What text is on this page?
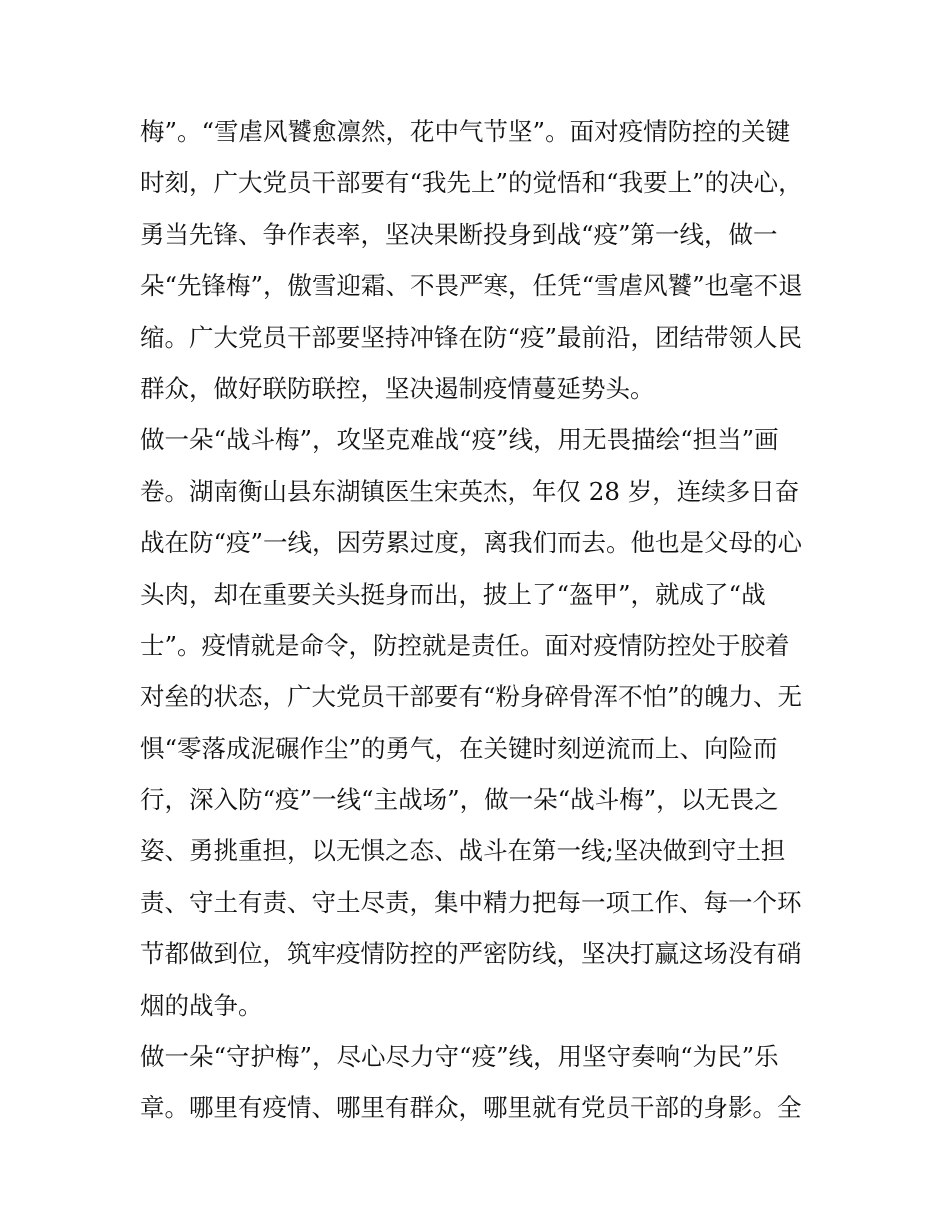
梅”。“雪虐风饕愈凛然，花中气节坚”。面对疫情防控的关键
时刻，广大党员干部要有“我先上”的觉悟和“我要上”的决心，
勇当先锋、争作表率，坚决果断投身到战“疫”第一线，做一
朵“先锋梅”，傲雪迎霜、不畏严寒，任凭“雪虐风饕”也毫不退
缩。广大党员干部要坚持冲锋在防“疫”最前沿，团结带领人民
群众，做好联防联控，坚决遏制疫情蔓延势头。
做一朵“战斗梅”，攻坚克难战“疫”线，用无畏描绘“担当”画
卷。湖南衡山县东湖镇医生宋英杰，年仅 28 岁，连续多日奋
战在防“疫”一线，因劳累过度，离我们而去。他也是父母的心
头肉，却在重要关头挺身而出，披上了“盔甲”，就成了“战
士”。疫情就是命令，防控就是责任。面对疫情防控处于胶着
对垒的状态，广大党员干部要有“粉身碎骨浑不怕”的魄力、无
惧“零落成泥碾作尘”的勇气，在关键时刻逆流而上、向险而
行，深入防“疫”一线“主战场”，做一朵“战斗梅”，以无畏之
姿、勇挑重担，以无惧之态、战斗在第一线;坚决做到守土担
责、守土有责、守土尽责，集中精力把每一项工作、每一个环
节都做到位，筑牢疫情防控的严密防线，坚决打赢这场没有硝
烟的战争。
做一朵“守护梅”，尽心尽力守“疫”线，用坚守奏响“为民”乐
章。哪里有疫情、哪里有群众，哪里就有党员干部的身影。全
